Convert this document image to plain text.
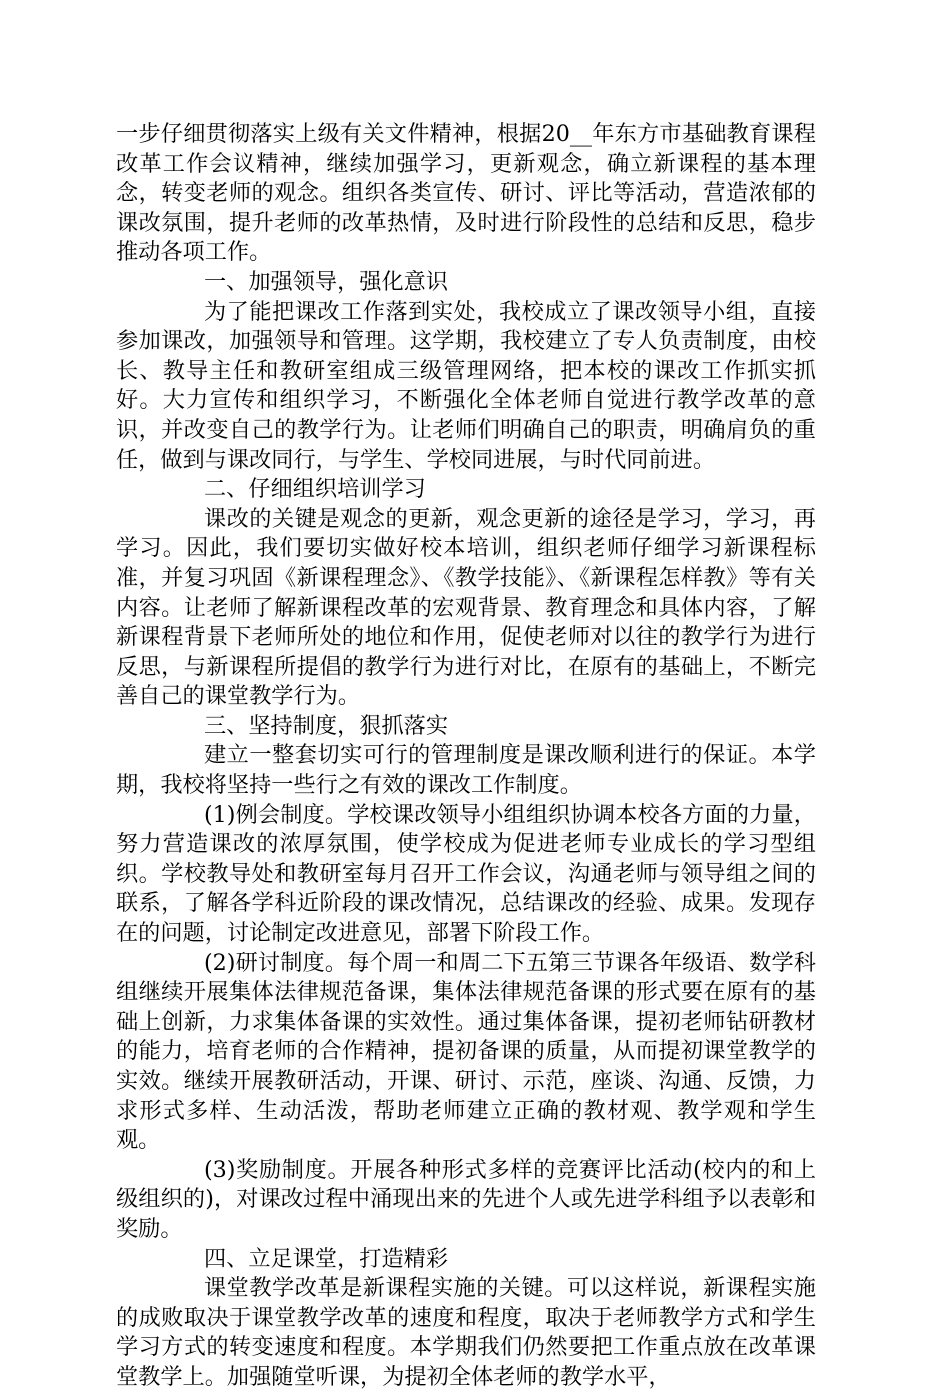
一步仔细贯彻落实上级有关文件精神，根据20__年东方市基础教育课程改革工作会议精神，继续加强学习，更新观念，确立新课程的基本理念，转变老师的观念。组织各类宣传、研讨、评比等活动，营造浓郁的课改氛围，提升老师的改革热情，及时进行阶段性的总结和反思，稳步推动各项工作。

一、加强领导，强化意识

为了能把课改工作落到实处，我校成立了课改领导小组，直接参加课改，加强领导和管理。这学期，我校建立了专人负责制度，由校长、教导主任和教研室组成三级管理网络，把本校的课改工作抓实抓好。大力宣传和组织学习，不断强化全体老师自觉进行教学改革的意识，并改变自己的教学行为。让老师们明确自己的职责，明确肩负的重任，做到与课改同行，与学生、学校同进展，与时代同前进。

二、仔细组织培训学习

课改的关键是观念的更新，观念更新的途径是学习，学习，再学习。因此，我们要切实做好校本培训，组织老师仔细学习新课程标准，并复习巩固《新课程理念》、《教学技能》、《新课程怎样教》等有关内容。让老师了解新课程改革的宏观背景、教育理念和具体内容，了解新课程背景下老师所处的地位和作用，促使老师对以往的教学行为进行反思，与新课程所提倡的教学行为进行对比，在原有的基础上，不断完善自己的课堂教学行为。

三、坚持制度，狠抓落实

建立一整套切实可行的管理制度是课改顺利进行的保证。本学期，我校将坚持一些行之有效的课改工作制度。

(1)例会制度。学校课改领导小组组织协调本校各方面的力量，努力营造课改的浓厚氛围，使学校成为促进老师专业成长的学习型组织。学校教导处和教研室每月召开工作会议，沟通老师与领导组之间的联系，了解各学科近阶段的课改情况，总结课改的经验、成果。发现存在的问题，讨论制定改进意见，部署下阶段工作。

(2)研讨制度。每个周一和周二下五第三节课各年级语、数学科组继续开展集体法律规范备课，集体法律规范备课的形式要在原有的基础上创新，力求集体备课的实效性。通过集体备课，提初老师钻研教材的能力，培育老师的合作精神，提初备课的质量，从而提初课堂教学的实效。继续开展教研活动，开课、研讨、示范，座谈、沟通、反馈，力求形式多样、生动活泼，帮助老师建立正确的教材观、教学观和学生观。

(3)奖励制度。开展各种形式多样的竞赛评比活动(校内的和上级组织的)，对课改过程中涌现出来的先进个人或先进学科组予以表彰和奖励。

四、立足课堂，打造精彩

课堂教学改革是新课程实施的关键。可以这样说，新课程实施的成败取决于课堂教学改革的速度和程度，取决于老师教学方式和学生学习方式的转变速度和程度。本学期我们仍然要把工作重点放在改革课堂教学上。加强随堂听课，为提初全体老师的教学水平，
